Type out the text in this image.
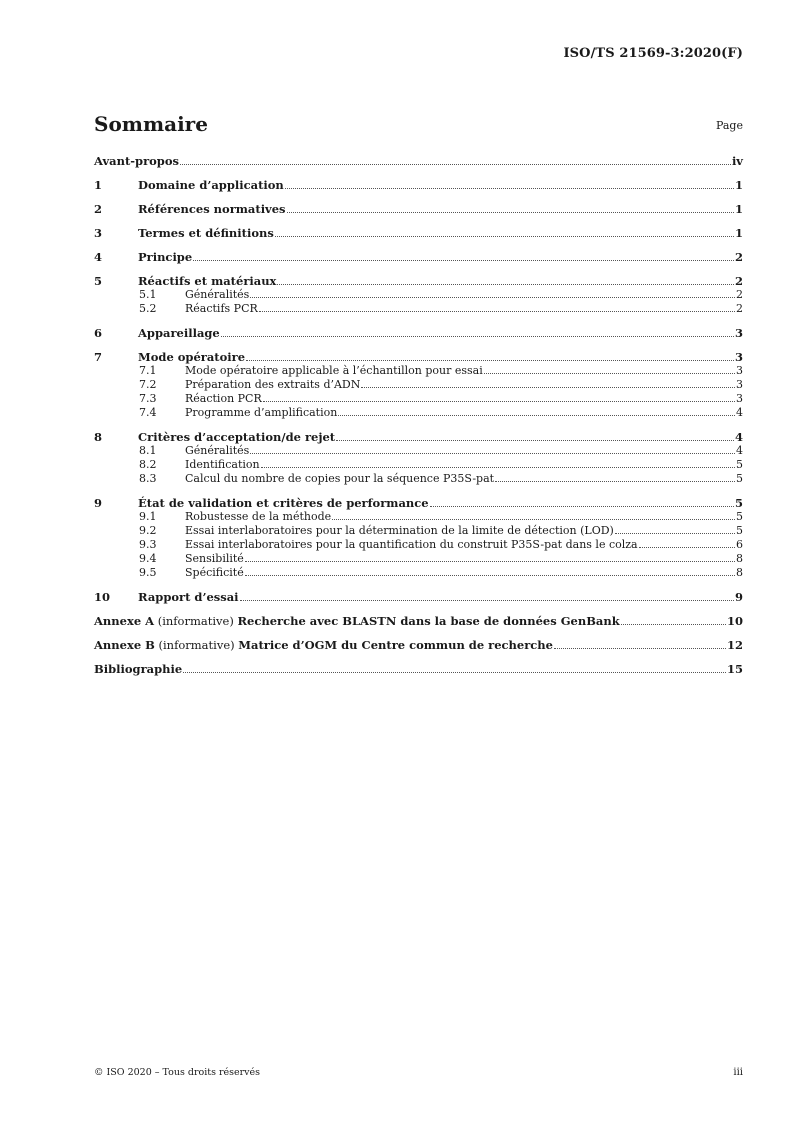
ISO/TS 21569-3:2020(F)
Sommaire	Page
Avant-propos	iv
1	Domaine d’application	1
2	Références normatives	1
3	Termes et définitions	1
4	Principe	2
5	Réactifs et matériaux	2
5.1	Généralités	2
5.2	Réactifs PCR	2
6	Appareillage	3
7	Mode opératoire	3
7.1	Mode opératoire applicable à l’échantillon pour essai	3
7.2	Préparation des extraits d’ADN	3
7.3	Réaction PCR	3
7.4	Programme d’amplification	4
8	Critères d’acceptation/de rejet	4
8.1	Généralités	4
8.2	Identification	5
8.3	Calcul du nombre de copies pour la séquence P35S-pat	5
9	État de validation et critères de performance	5
9.1	Robustesse de la méthode	5
9.2	Essai interlaboratoires pour la détermination de la limite de détection (LOD)	5
9.3	Essai interlaboratoires pour la quantification du construit P35S-pat dans le colza	6
9.4	Sensibilité	8
9.5	Spécificité	8
10	Rapport d’essai	9
Annexe A (informative) Recherche avec BLASTN dans la base de données GenBank	10
Annexe B (informative) Matrice d’OGM du Centre commun de recherche	12
Bibliographie	15
© ISO 2020 – Tous droits réservés	iii
